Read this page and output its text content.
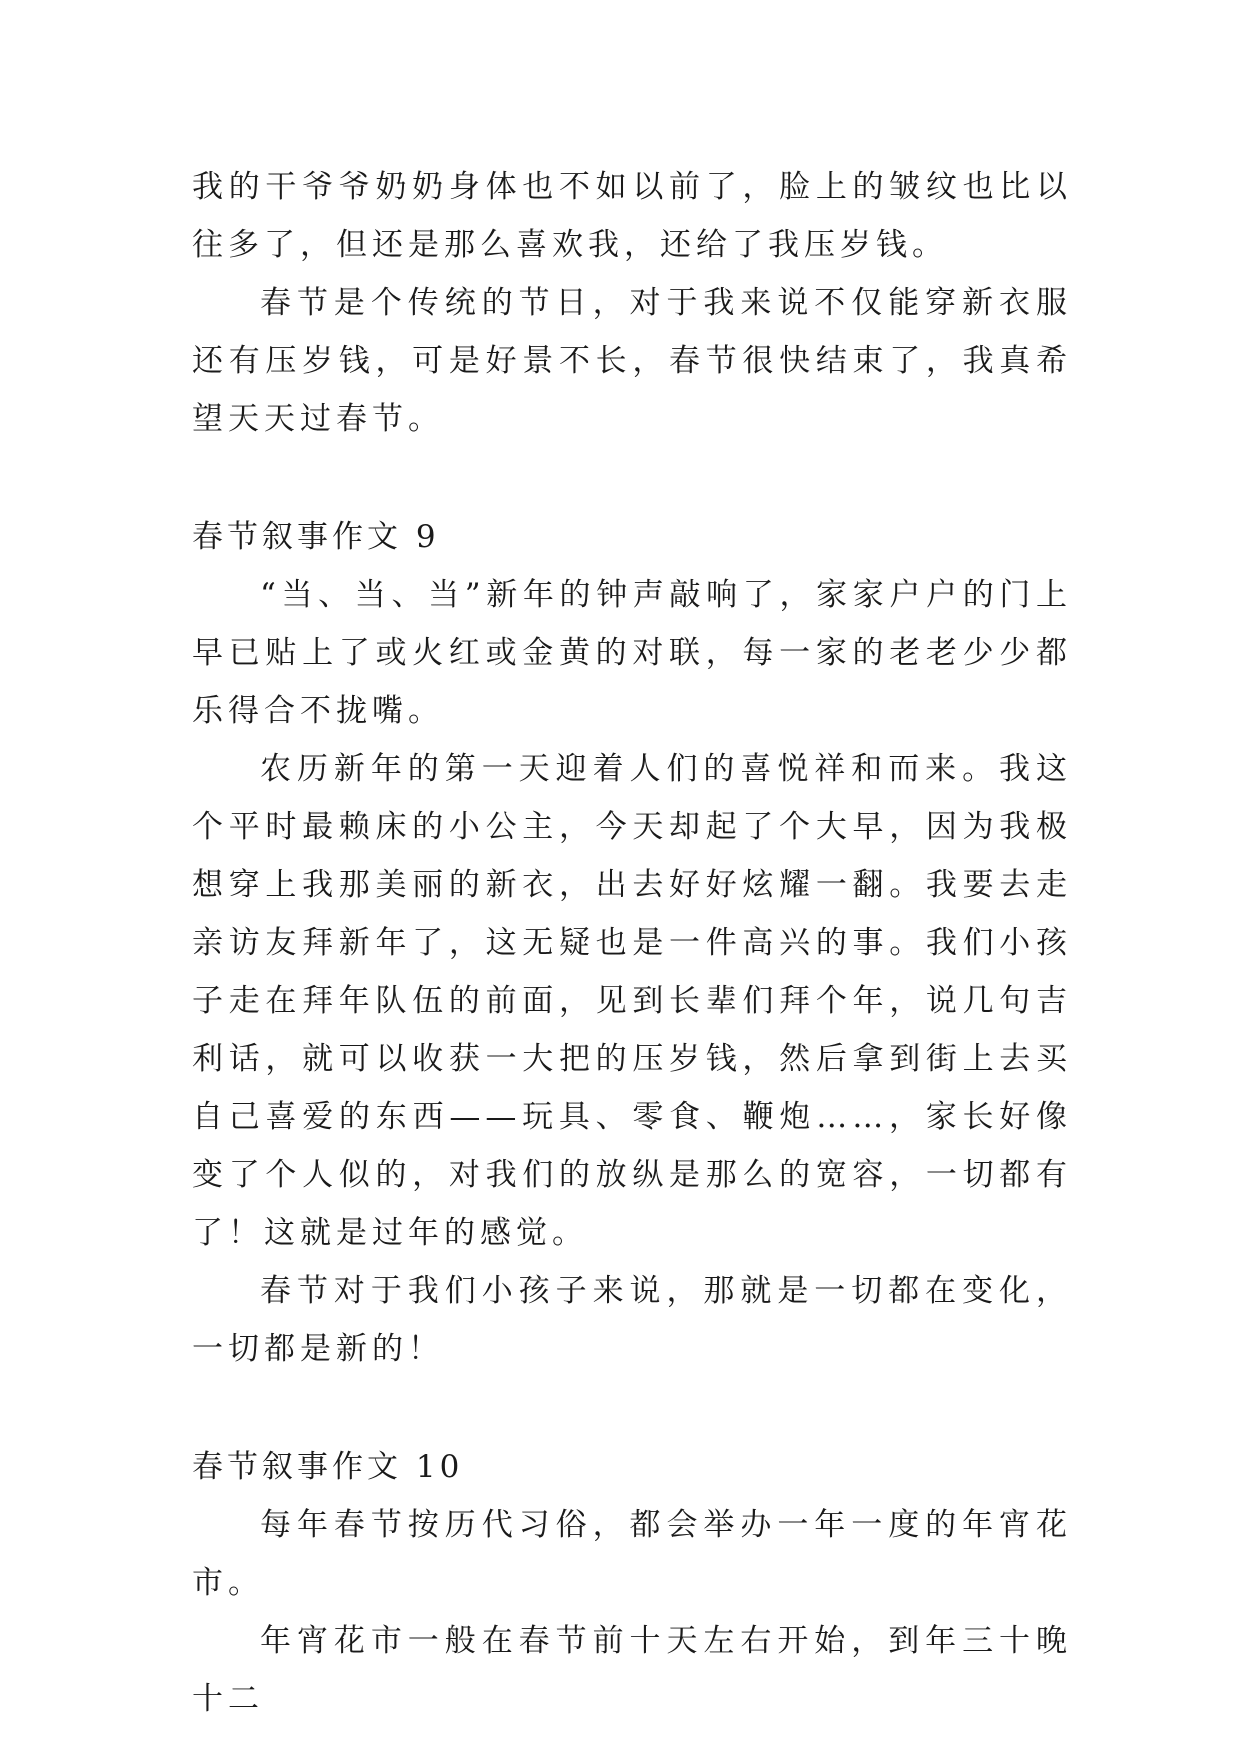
我的干爷爷奶奶身体也不如以前了，脸上的皱纹也比以往多了，但还是那么喜欢我，还给了我压岁钱。

春节是个传统的节日，对于我来说不仅能穿新衣服还有压岁钱，可是好景不长，春节很快结束了，我真希望天天过春节。

春节叙事作文 9

“当、当、当”新年的钟声敲响了，家家户户的门上早已贴上了或火红或金黄的对联，每一家的老老少少都乐得合不拢嘴。

农历新年的第一天迎着人们的喜悦祥和而来。我这个平时最赖床的小公主，今天却起了个大早，因为我极想穿上我那美丽的新衣，出去好好炫耀一翻。我要去走亲访友拜新年了，这无疑也是一件高兴的事。我们小孩子走在拜年队伍的前面，见到长辈们拜个年，说几句吉利话，就可以收获一大把的压岁钱，然后拿到街上去买自己喜爱的东西——玩具、零食、鞭炮……，家长好像变了个人似的，对我们的放纵是那么的宽容，一切都有了！这就是过年的感觉。

春节对于我们小孩子来说，那就是一切都在变化，一切都是新的！

春节叙事作文 10

每年春节按历代习俗，都会举办一年一度的年宵花市。

年宵花市一般在春节前十天左右开始，到年三十晚十二
